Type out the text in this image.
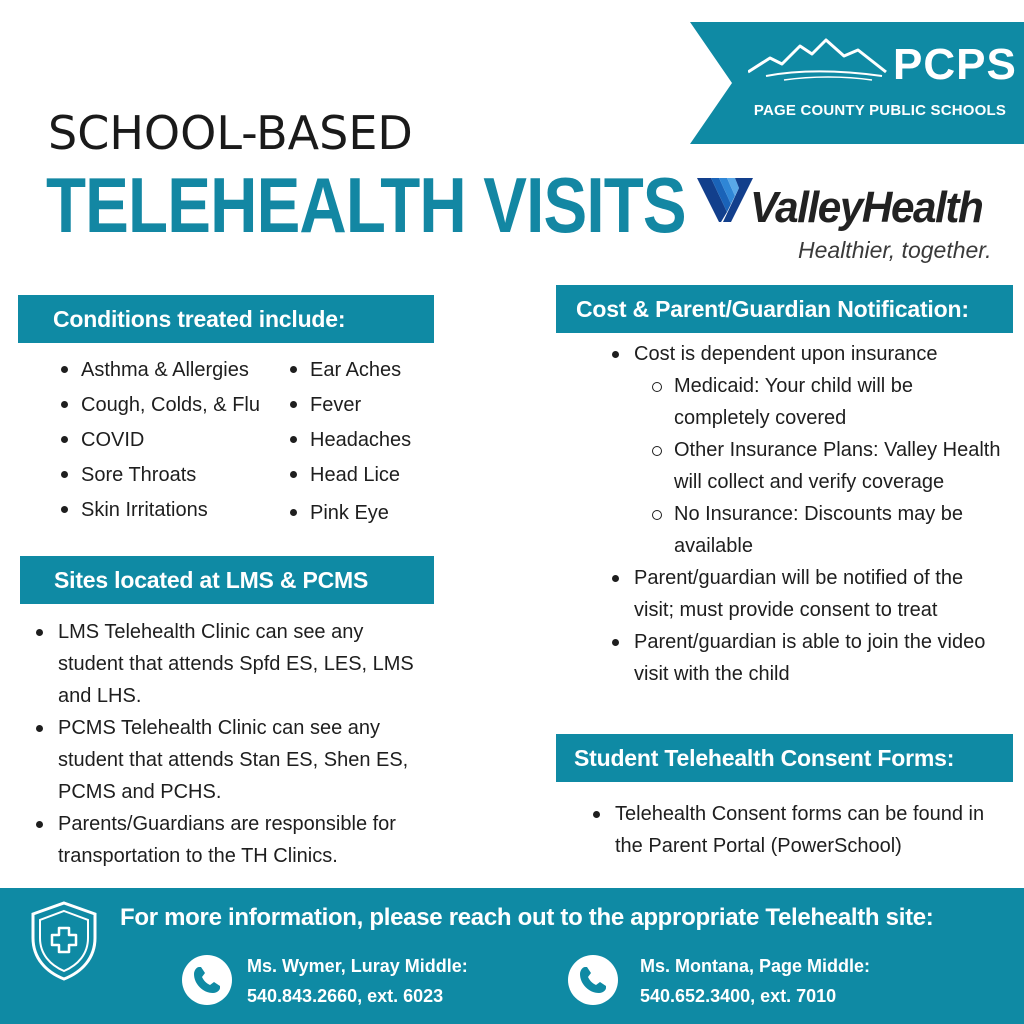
PCPS
PAGE COUNTY PUBLIC SCHOOLS
SCHOOL-BASED
TELEHEALTH VISITS ValleyHealth
Healthier, together.
Conditions treated include:
Asthma & Allergies
Cough, Colds, & Flu
COVID
Sore Throats
Skin Irritations
Ear Aches
Fever
Headaches
Head Lice
Pink Eye
Sites located at LMS & PCMS
LMS Telehealth Clinic can see any student that attends Spfd ES, LES, LMS and LHS.
PCMS Telehealth Clinic can see any student that attends Stan ES, Shen ES, PCMS and PCHS.
Parents/Guardians are responsible for transportation to the TH Clinics.
Cost & Parent/Guardian Notification:
Cost is dependent upon insurance
Medicaid: Your child will be completely covered
Other Insurance Plans: Valley Health will collect and verify coverage
No Insurance: Discounts may be available
Parent/guardian will be notified of the visit; must provide consent to treat
Parent/guardian is able to join the video visit with the child
Student Telehealth Consent Forms:
Telehealth Consent forms can be found in the Parent Portal (PowerSchool)
For more information, please reach out to the appropriate Telehealth site:
Ms. Wymer, Luray Middle:
540.843.2660, ext. 6023
Ms. Montana, Page Middle:
540.652.3400, ext. 7010
